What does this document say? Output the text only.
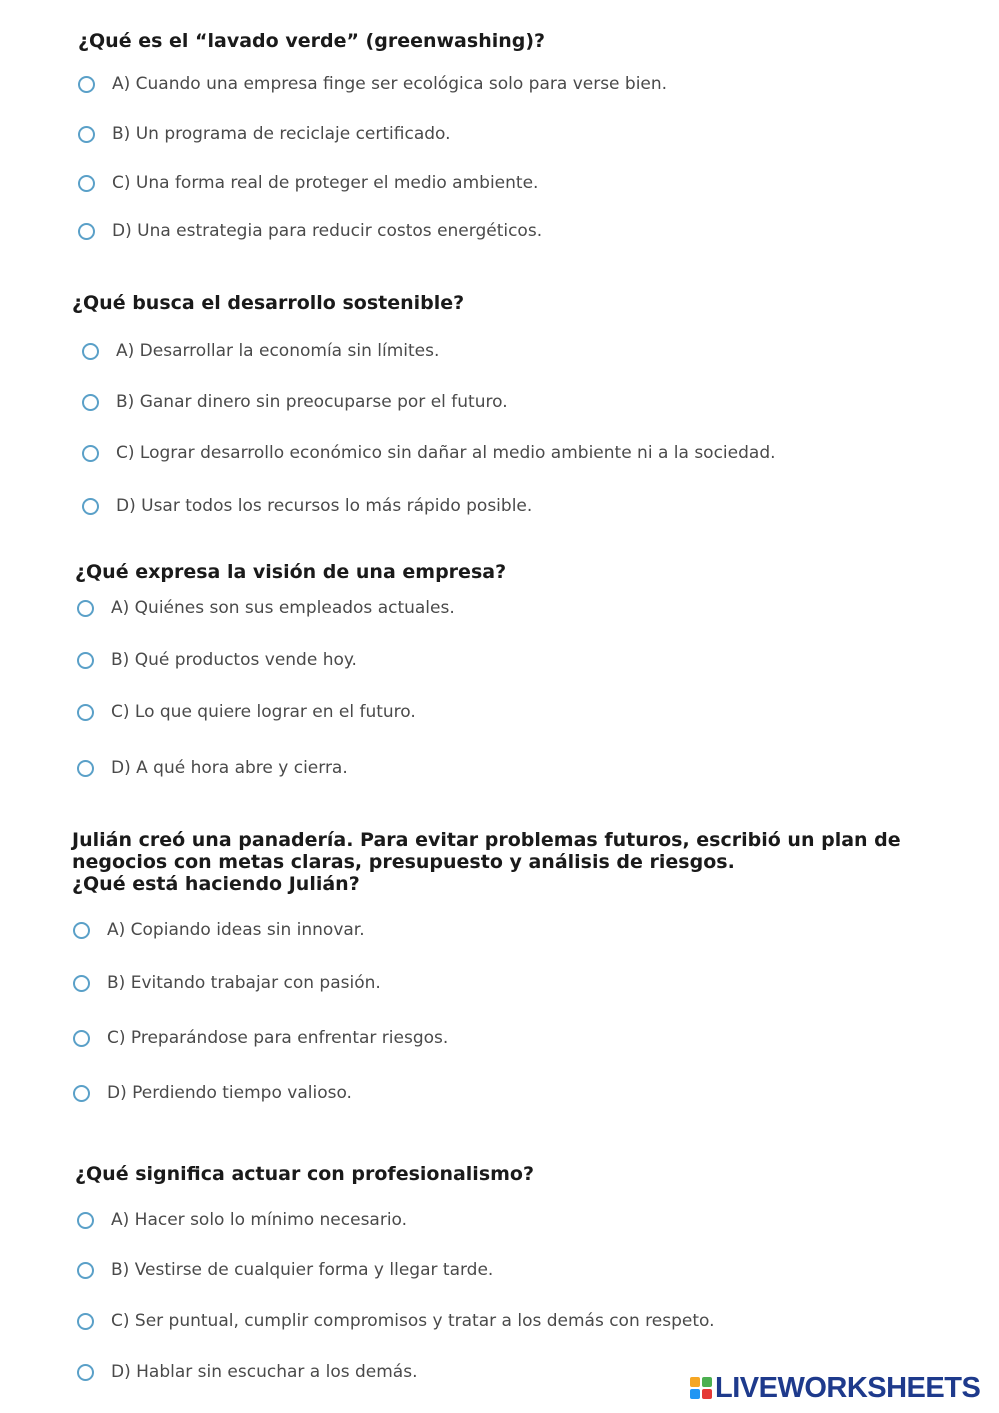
¿Qué es el “lavado verde” (greenwashing)?
A) Cuando una empresa finge ser ecológica solo para verse bien.
B) Un programa de reciclaje certificado.
C) Una forma real de proteger el medio ambiente.
D) Una estrategia para reducir costos energéticos.
¿Qué busca el desarrollo sostenible?
A) Desarrollar la economía sin límites.
B) Ganar dinero sin preocuparse por el futuro.
C) Lograr desarrollo económico sin dañar al medio ambiente ni a la sociedad.
D) Usar todos los recursos lo más rápido posible.
¿Qué expresa la visión de una empresa?
A) Quiénes son sus empleados actuales.
B) Qué productos vende hoy.
C) Lo que quiere lograr en el futuro.
D) A qué hora abre y cierra.
Julián creó una panadería. Para evitar problemas futuros, escribió un plan de
negocios con metas claras, presupuesto y análisis de riesgos.
¿Qué está haciendo Julián?
A) Copiando ideas sin innovar.
B) Evitando trabajar con pasión.
C) Preparándose para enfrentar riesgos.
D) Perdiendo tiempo valioso.
¿Qué significa actuar con profesionalismo?
A) Hacer solo lo mínimo necesario.
B) Vestirse de cualquier forma y llegar tarde.
C) Ser puntual, cumplir compromisos y tratar a los demás con respeto.
D) Hablar sin escuchar a los demás.	LIVEWORKSHEETS
